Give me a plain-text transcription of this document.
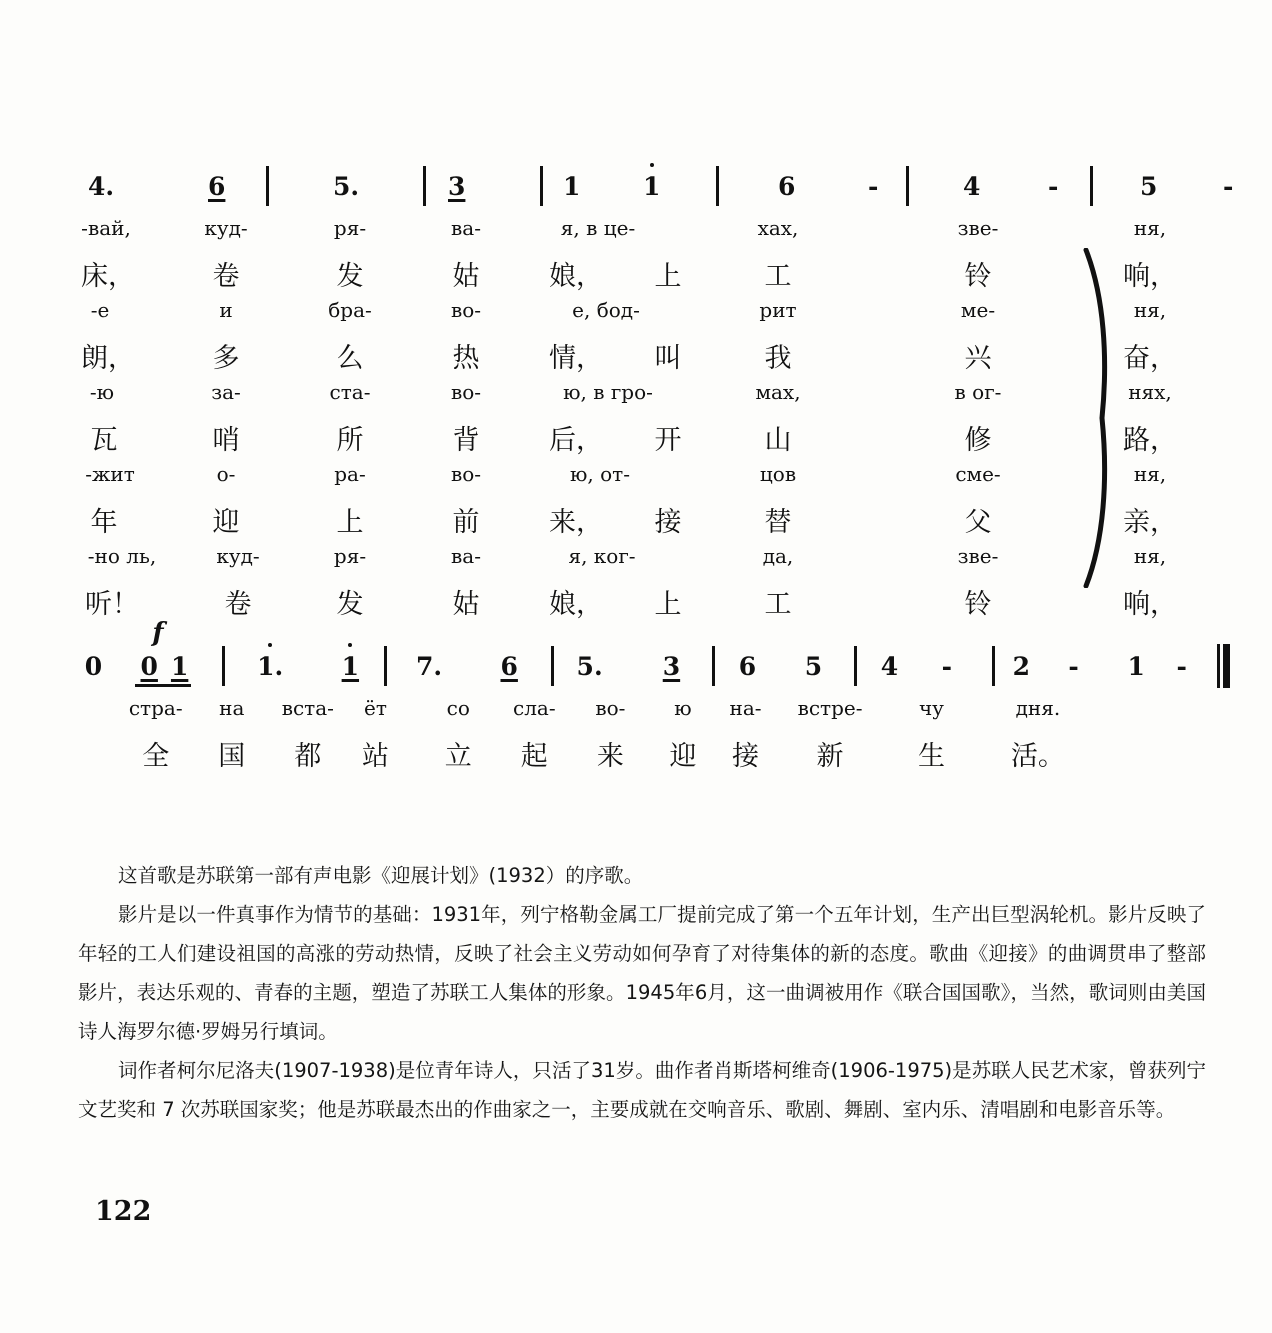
4.	6	5.	3	1	1	6	-	4	-	5	-
-вай,	куд-	ря-	ва-	я, в це-	хах,	зве-	ня,
床，	卷	发	姑	娘， 上	工	铃	响，
-е	и	бра-	во-	е, бод-	рит	ме-	ня,
朗，	多	么	热	情， 叫	我	兴	奋，
-ю	за-	ста-	во-	ю, в гро-	мах,	в ог-	нях,
瓦	哨	所	背	后， 开	山	修	路，
-жит	о-	ра-	во-	ю, от-	цов	сме-	ня,
年	迎	上	前	来， 接	替	父	亲，
-но ль,	куд-	ря-	ва-	я, ког-	да,	зве-	ня,
听！	卷	发	姑	娘， 上	工	铃	响，
0 0 1	1. 1 7. 6 5. 3 6 5 4 - 2 - 1 -
f
стра- на вста- ёт	со сла- во- ю на- встре-	чу	дня.
全 国 都 站 立 起 来 迎 接 新	生 活。

这首歌是苏联第一部有声电影《迎展计划》(1932）的序歌。

影片是以一件真事作为情节的基础：1931年，列宁格勒金属工厂提前完成了第一个五年计划，生产出巨型涡轮机。影片反映了年轻的工人们建设祖国的高涨的劳动热情，反映了社会主义劳动如何孕育了对待集体的新的态度。歌曲《迎接》的曲调贯串了整部影片，表达乐观的、青春的主题，塑造了苏联工人集体的形象。1945年6月，这一曲调被用作《联合国国歌》，当然，歌词则由美国诗人海罗尔德·罗姆另行填词。

词作者柯尔尼洛夫(1907-1938)是位青年诗人，只活了31岁。曲作者肖斯塔柯维奇(1906-1975)是苏联人民艺术家，曾获列宁文艺奖和 7 次苏联国家奖；他是苏联最杰出的作曲家之一，主要成就在交响音乐、歌剧、舞剧、室内乐、清唱剧和电影音乐等。

122
